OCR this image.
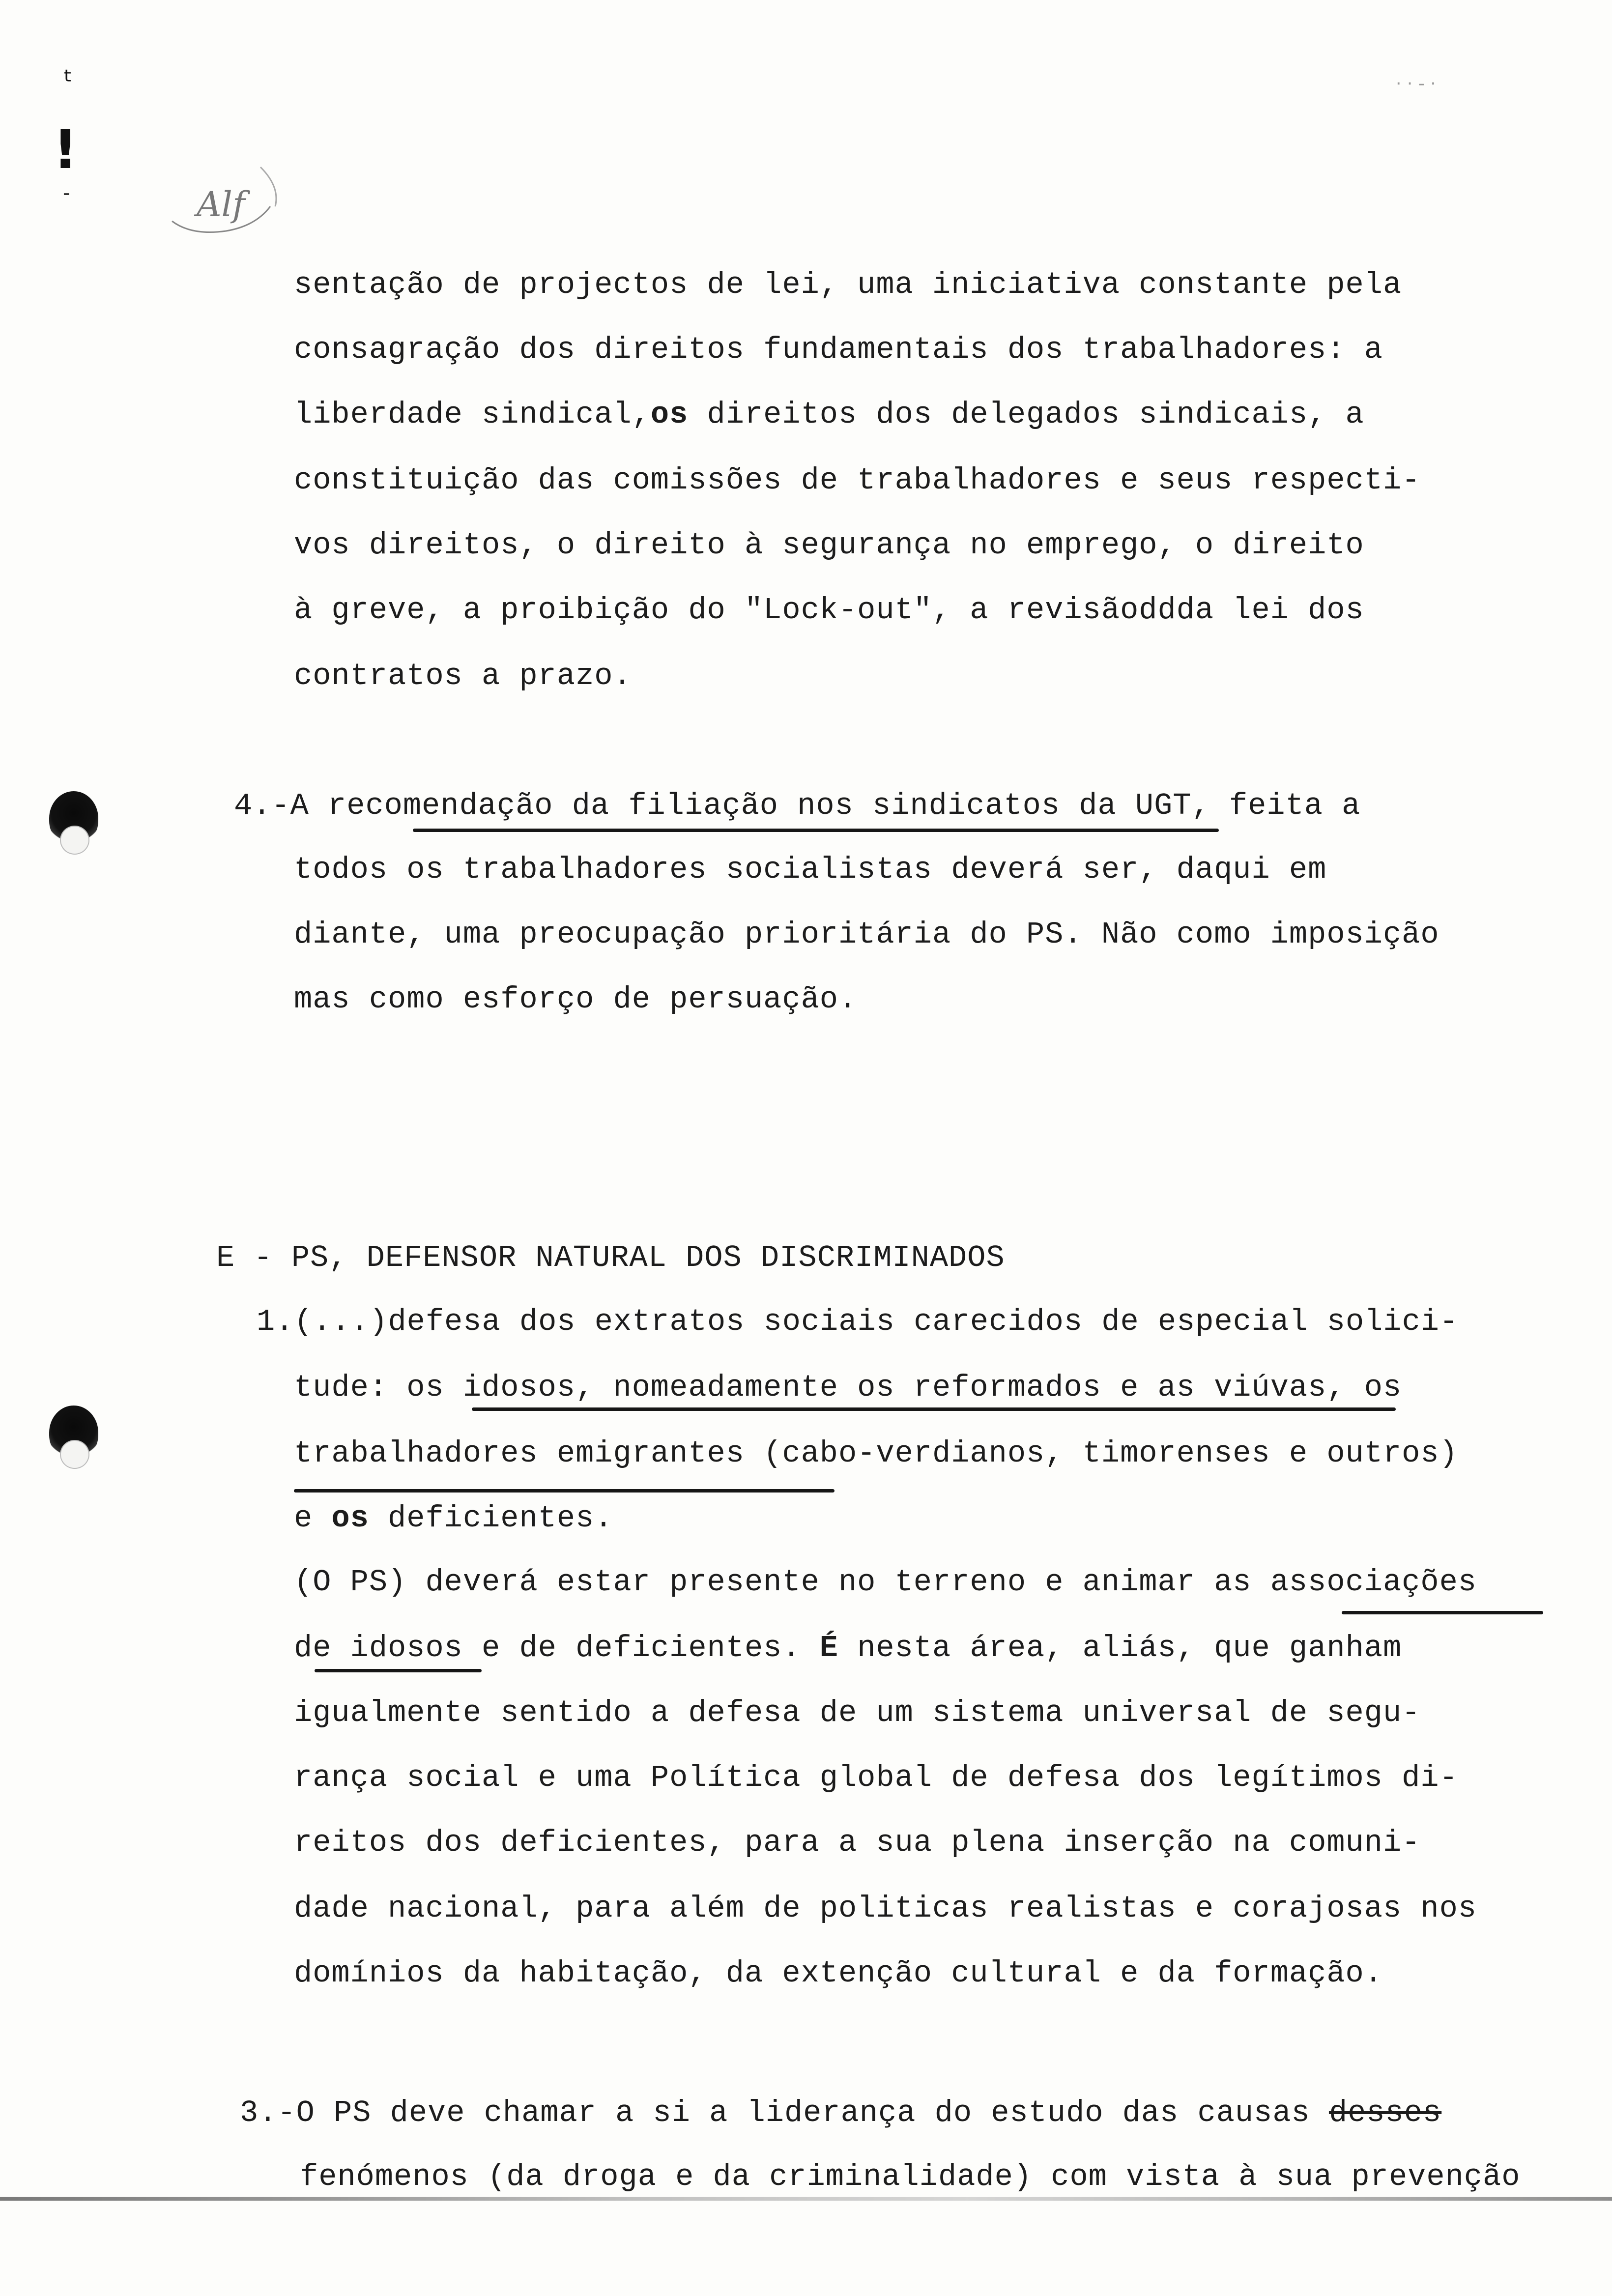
ᵗ
!
-
· · - ·
Alf
sentação de projectos de lei, uma iniciativa constante pela
consagração dos direitos fundamentais dos trabalhadores: a
liberdade sindical,os direitos dos delegados sindicais, a
constituição das comissões de trabalhadores e seus respecti-
vos direitos, o direito à segurança no emprego, o direito
à greve, a proibição do "Lock-out", a revisãoddda lei dos
contratos a prazo.
4.-A recomendação da filiação nos sindicatos da UGT, feita a
todos os trabalhadores socialistas deverá ser, daqui em
diante, uma preocupação prioritária do PS. Não como imposição
mas como esforço de persuação.
E - PS, DEFENSOR NATURAL DOS DISCRIMINADOS
1.(...)defesa dos extratos sociais carecidos de especial solici-
tude: os idosos, nomeadamente os reformados e as viúvas, os
trabalhadores emigrantes (cabo-verdianos, timorenses e outros)
e os deficientes.
(O PS) deverá estar presente no terreno e animar as associações
de idosos e de deficientes. É nesta área, aliás, que ganham
igualmente sentido a defesa de um sistema universal de segu-
rança social e uma Política global de defesa dos legítimos di-
reitos dos deficientes, para a sua plena inserção na comuni-
dade nacional, para além de politicas realistas e corajosas nos
domínios da habitação, da extenção cultural e da formação.
3.-O PS deve chamar a si a liderança do estudo das causas desses
fenómenos (da droga e da criminalidade) com vista à sua prevenção
